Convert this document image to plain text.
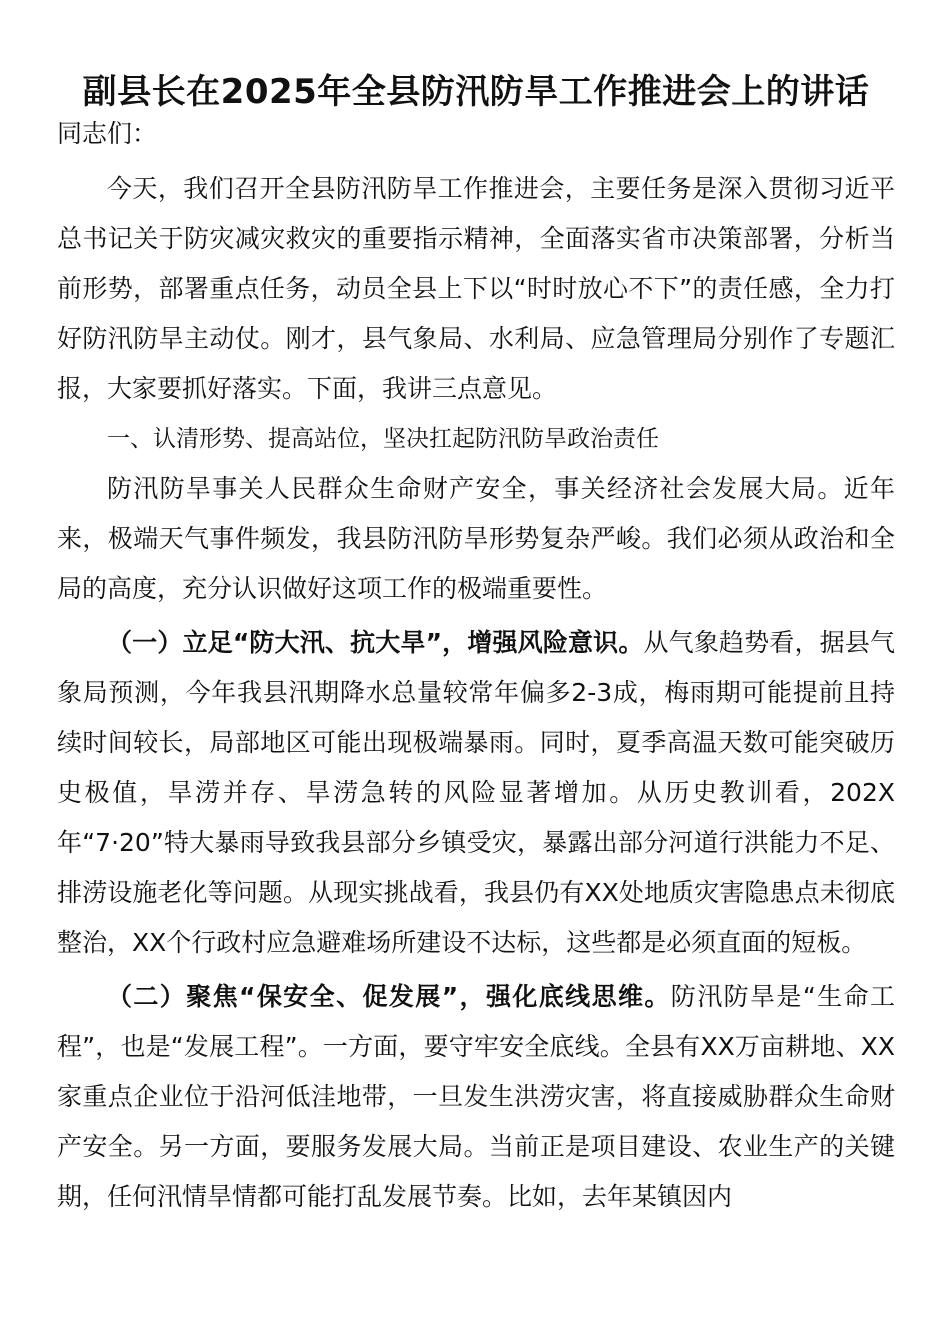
副县长在2025年全县防汛防旱工作推进会上的讲话

同志们：

今天，我们召开全县防汛防旱工作推进会，主要任务是深入贯彻习近平总书记关于防灾减灾救灾的重要指示精神，全面落实省市决策部署，分析当前形势，部署重点任务，动员全县上下以“时时放心不下”的责任感，全力打好防汛防旱主动仗。刚才，县气象局、水利局、应急管理局分别作了专题汇报，大家要抓好落实。下面，我讲三点意见。

一、认清形势、提高站位，坚决扛起防汛防旱政治责任

防汛防旱事关人民群众生命财产安全，事关经济社会发展大局。近年来，极端天气事件频发，我县防汛防旱形势复杂严峻。我们必须从政治和全局的高度，充分认识做好这项工作的极端重要性。

（一）立足“防大汛、抗大旱”，增强风险意识。从气象趋势看，据县气象局预测，今年我县汛期降水总量较常年偏多2-3成，梅雨期可能提前且持续时间较长，局部地区可能出现极端暴雨。同时，夏季高温天数可能突破历史极值，旱涝并存、旱涝急转的风险显著增加。从历史教训看，202X年“7·20”特大暴雨导致我县部分乡镇受灾，暴露出部分河道行洪能力不足、排涝设施老化等问题。从现实挑战看，我县仍有XX处地质灾害隐患点未彻底整治，XX个行政村应急避难场所建设不达标，这些都是必须直面的短板。

（二）聚焦“保安全、促发展”，强化底线思维。防汛防旱是“生命工程”，也是“发展工程”。一方面，要守牢安全底线。全县有XX万亩耕地、XX家重点企业位于沿河低洼地带，一旦发生洪涝灾害，将直接威胁群众生命财产安全。另一方面，要服务发展大局。当前正是项目建设、农业生产的关键期，任何汛情旱情都可能打乱发展节奏。比如，去年某镇因内
